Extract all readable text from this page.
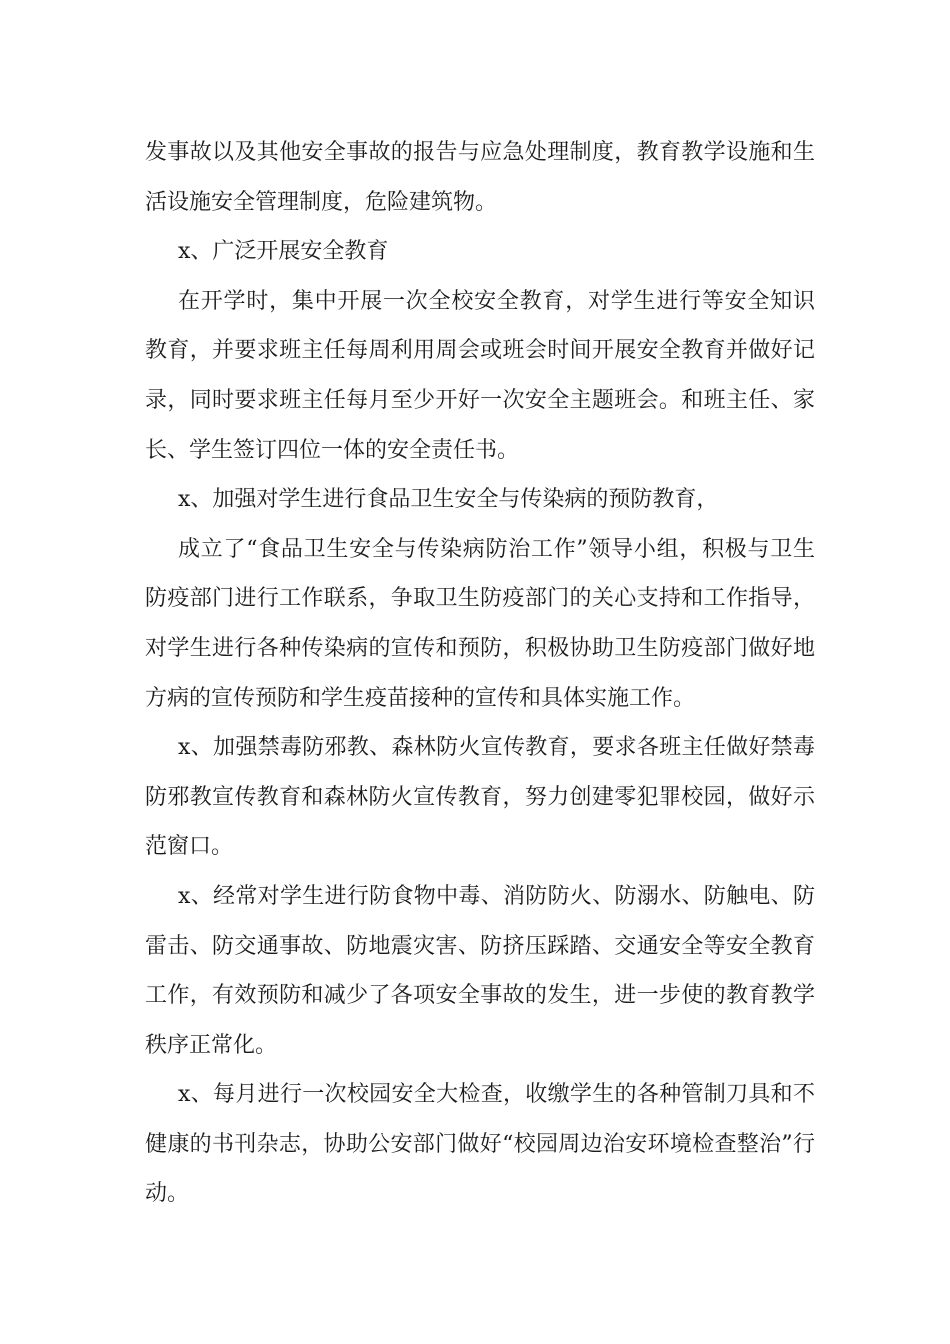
发事故以及其他安全事故的报告与应急处理制度，教育教学设施和生活设施安全管理制度，危险建筑物。

x、广泛开展安全教育

在开学时，集中开展一次全校安全教育，对学生进行等安全知识教育，并要求班主任每周利用周会或班会时间开展安全教育并做好记录，同时要求班主任每月至少开好一次安全主题班会。和班主任、家长、学生签订四位一体的安全责任书。

x、加强对学生进行食品卫生安全与传染病的预防教育，

成立了“食品卫生安全与传染病防治工作”领导小组，积极与卫生防疫部门进行工作联系，争取卫生防疫部门的关心支持和工作指导，对学生进行各种传染病的宣传和预防，积极协助卫生防疫部门做好地方病的宣传预防和学生疫苗接种的宣传和具体实施工作。

x、加强禁毒防邪教、森林防火宣传教育，要求各班主任做好禁毒防邪教宣传教育和森林防火宣传教育，努力创建零犯罪校园，做好示范窗口。

x、经常对学生进行防食物中毒、消防防火、防溺水、防触电、防雷击、防交通事故、防地震灾害、防挤压踩踏、交通安全等安全教育工作，有效预防和减少了各项安全事故的发生，进一步使的教育教学秩序正常化。

x、每月进行一次校园安全大检查，收缴学生的各种管制刀具和不健康的书刊杂志，协助公安部门做好“校园周边治安环境检查整治”行动。
